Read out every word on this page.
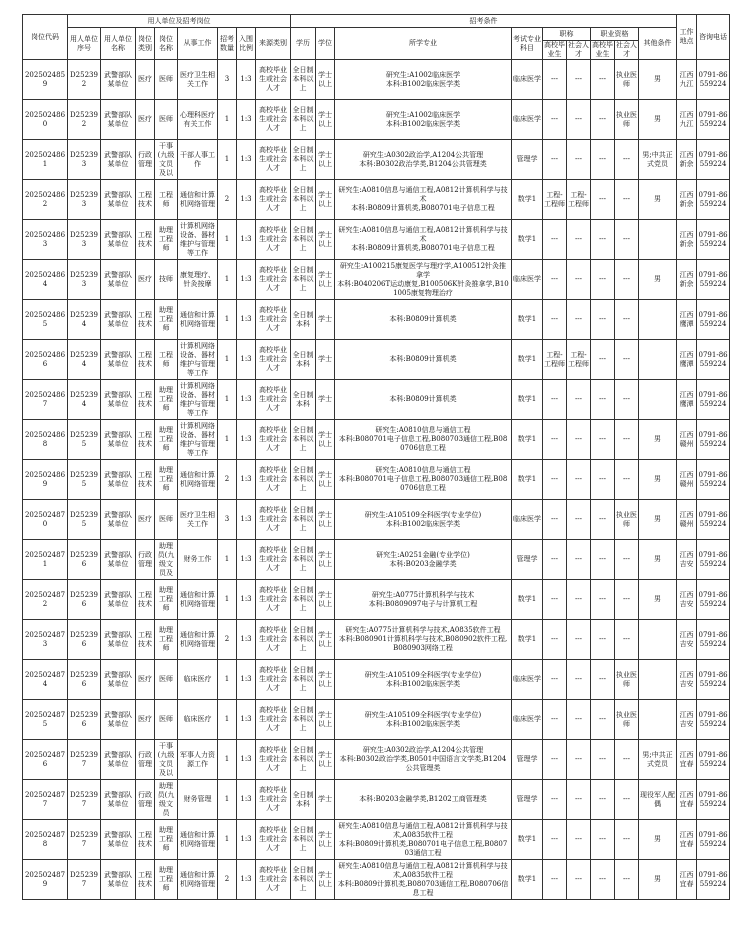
岗位代码	用人单位及招考岗位								招考条件									工作地点	咨询电话
	用人单位序号	用人单位名称	岗位类别	岗位名称	从事工作	招考数量	入围比例	来源类别	学历	学位	所学专业	考试专业科目	职称		职业资格		其他条件		
													高校毕业生	社会人才	高校毕业生	社会人才			
2025024859	D252392	武警部队某单位	医疗	医师	医疗卫生相关工作	3	1:3	高校毕业生或社会人才	全日制本科以上	学士以上	研究生:A1002临床医学
本科:B1002临床医学类	临床医学	---	---	---	执业医师	男	江西九江	0791-86559224
2025024860	D252392	武警部队某单位	医疗	医师	心理科医疗有关工作	1	1:3	高校毕业生或社会人才	全日制本科以上	学士以上	研究生:A1002临床医学
本科:B1002临床医学类	临床医学	---	---	---	执业医师	男	江西九江	0791-86559224
2025024861	D252393	武警部队某单位	行政管理	干事(九级文员及以	干部人事工作	1	1:3	高校毕业生或社会人才	全日制本科以上	学士以上	研究生:A0302政治学,A1204公共管理
本科:B0302政治学类,B1204公共管理类	管理学	---	---	---	---	男;中共正式党员	江西新余	0791-86559224
2025024862	D252393	武警部队某单位	工程技术	工程师	通信和计算机网络管理	2	1:3	高校毕业生或社会人才	全日制本科以上	学士以上	研究生:A0810信息与通信工程,A0812计算机科学与技术
本科:B0809计算机类,B080701电子信息工程	数学1	工程-工程师	工程-工程师	---	---	男	江西新余	0791-86559224
2025024863	D252393	武警部队某单位	工程技术	助理工程师	计算机网络设备、器材维护与管理等工作	1	1:3	高校毕业生或社会人才	全日制本科以上	学士以上	研究生:A0810信息与通信工程,A0812计算机科学与技术
本科:B0809计算机类,B080701电子信息工程	数学1	---	---	---	---		江西新余	0791-86559224
2025024864	D252393	武警部队某单位	医疗	技师	康复理疗、针灸按摩	1	1:3	高校毕业生或社会人才	全日制本科以上	学士以上	研究生:A100215康复医学与理疗学,A100512针灸推拿学
本科:B040206T运动康复,B100506K针灸推拿学,B101005康复物理治疗	临床医学	---	---	---	---	男	江西新余	0791-86559224
2025024865	D252394	武警部队某单位	工程技术	助理工程师	通信和计算机网络管理	1	1:3	高校毕业生或社会人才	全日制本科	学士	本科:B0809计算机类	数学1	---	---	---	---		江西鹰潭	0791-86559224
2025024866	D252394	武警部队某单位	工程技术	工程师	计算机网络设备、器材维护与管理等工作	1	1:3	高校毕业生或社会人才	全日制本科	学士	本科:B0809计算机类	数学1	工程-工程师	工程-工程师	---	---		江西鹰潭	0791-86559224
2025024867	D252394	武警部队某单位	工程技术	助理工程师	计算机网络设备、器材维护与管理等工作	1	1:3	高校毕业生或社会人才	全日制本科	学士	本科:B0809计算机类	数学1	---	---	---	---		江西鹰潭	0791-86559224
2025024868	D252395	武警部队某单位	工程技术	助理工程师	计算机网络设备、器材维护与管理等工作	1	1:3	高校毕业生或社会人才	全日制本科以上	学士以上	研究生:A0810信息与通信工程
本科:B080701电子信息工程,B080703通信工程,B080706信息工程	数学1	---	---	---	---	男	江西赣州	0791-86559224
2025024869	D252395	武警部队某单位	工程技术	助理工程师	通信和计算机网络管理	2	1:3	高校毕业生或社会人才	全日制本科以上	学士以上	研究生:A0810信息与通信工程
本科:B080701电子信息工程,B080703通信工程,B080706信息工程	数学1	---	---	---	---	男	江西赣州	0791-86559224
2025024870	D252395	武警部队某单位	医疗	医师	医疗卫生相关工作	3	1:3	高校毕业生或社会人才	全日制本科以上	学士以上	研究生:A105109全科医学(专业学位)
本科:B1002临床医学类	临床医学	---	---	---	执业医师	男	江西赣州	0791-86559224
2025024871	D252396	武警部队某单位	行政管理	助理员(九级文员及	财务工作	1	1:3	高校毕业生或社会人才	全日制本科以上	学士以上	研究生:A0251金融(专业学位)
本科:B0203金融学类	管理学	---	---	---	---	男	江西吉安	0791-86559224
2025024872	D252396	武警部队某单位	工程技术	助理工程师	通信和计算机网络管理	1	1:3	高校毕业生或社会人才	全日制本科以上	学士以上	研究生:A0775计算机科学与技术
本科:B0809097电子与计算机工程	数学1	---	---	---	---	男	江西吉安	0791-86559224
2025024873	D252396	武警部队某单位	工程技术	助理工程师	通信和计算机网络管理	2	1:3	高校毕业生或社会人才	全日制本科以上	学士以上	研究生:A0775计算机科学与技术,A0835软件工程
本科:B080901计算机科学与技术,B080902软件工程,B080903网络工程	数学1	---	---	---	---		江西吉安	0791-86559224
2025024874	D252396	武警部队某单位	医疗	医师	临床医疗	1	1:3	高校毕业生或社会人才	全日制本科以上	学士以上	研究生:A105109全科医学(专业学位)
本科:B1002临床医学类	临床医学	---	---	---	执业医师		江西吉安	0791-86559224
2025024875	D252396	武警部队某单位	医疗	医师	临床医疗	1	1:3	高校毕业生或社会人才	全日制本科以上	学士以上	研究生:A105109全科医学(专业学位)
本科:B1002临床医学类	临床医学	---	---	---	执业医师		江西吉安	0791-86559224
2025024876	D252397	武警部队某单位	行政管理	干事(九级文员及以	军事人力资源工作	1	1:3	高校毕业生或社会人才	全日制本科以上	学士以上	研究生:A0302政治学,A1204公共管理
本科:B0302政治学类,B0501中国语言文学类,B1204公共管理类	管理学	---	---	---	---	男;中共正式党员	江西宜春	0791-86559224
2025024877	D252397	武警部队某单位	行政管理	助理员(九级文员	财务管理	1	1:3	高校毕业生或社会人才	全日制本科	学士	本科:B0203金融学类,B1202工商管理类	管理学	---	---	---	---	现役军人配偶	江西宜春	0791-86559224
2025024878	D252397	武警部队某单位	工程技术	助理工程师	通信和计算机网络管理	1	1:3	高校毕业生或社会人才	全日制本科以上	学士以上	研究生:A0810信息与通信工程,A0812计算机科学与技术,A0835软件工程
本科:B0809计算机类,B080701电子信息工程,B080703通信工程	数学1	---	---	---	---	男	江西宜春	0791-86559224
2025024879	D252397	武警部队某单位	工程技术	助理工程师	通信和计算机网络管理	2	1:3	高校毕业生或社会人才	全日制本科以上	学士以上	研究生:A0810信息与通信工程,A0812计算机科学与技术,A0835软件工程
本科:B0809计算机类,B080703通信工程,B080706信息工程	数学1	---	---	---	---	男	江西宜春	0791-86559224
